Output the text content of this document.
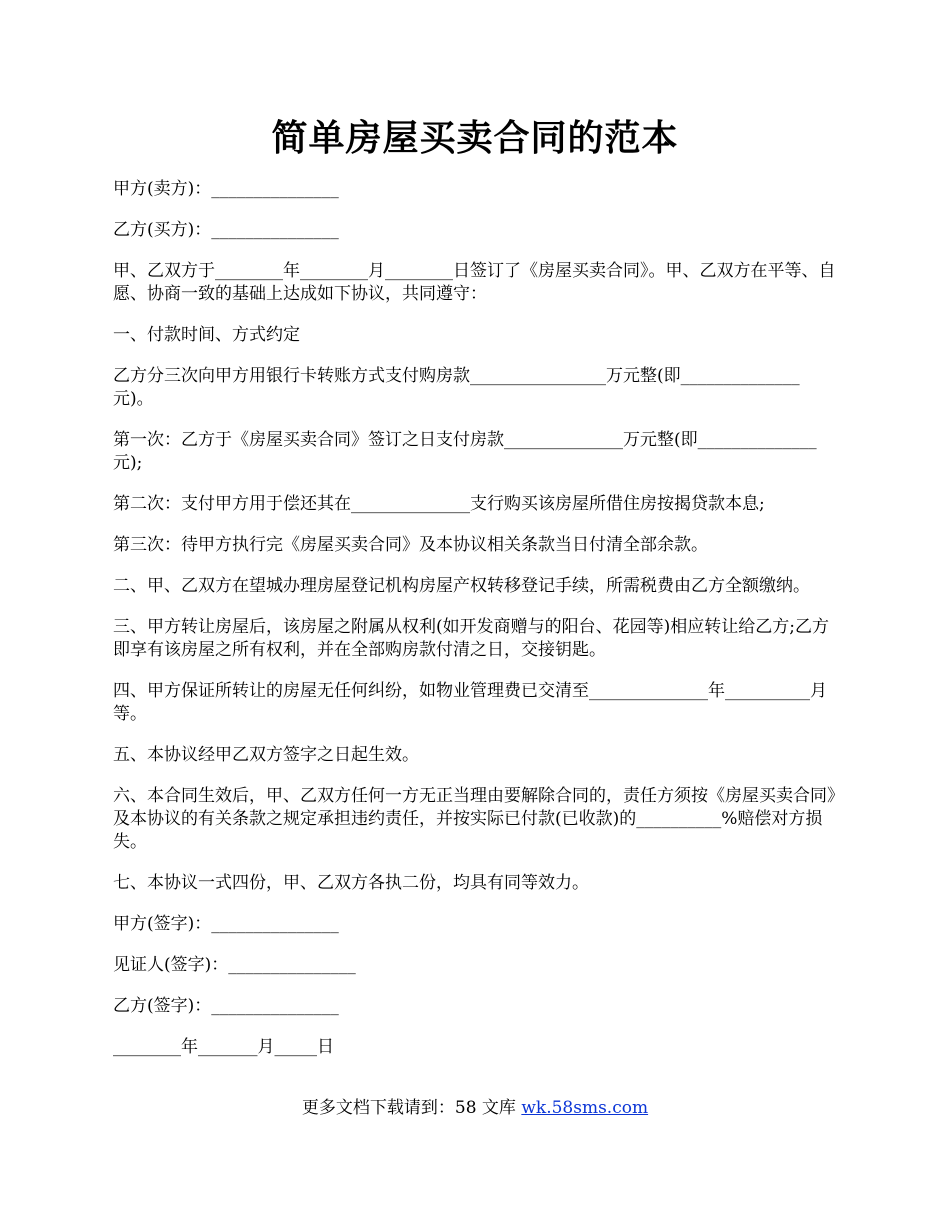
简单房屋买卖合同的范本

甲方(卖方)：_______________

乙方(买方)：_______________

甲、乙双方于________年________月________日签订了《房屋买卖合同》。甲、乙双方在平等、自愿、协商一致的基础上达成如下协议，共同遵守：

一、付款时间、方式约定

乙方分三次向甲方用银行卡转账方式支付购房款________________万元整(即______________元)。

第一次：乙方于《房屋买卖合同》签订之日支付房款______________万元整(即______________元);

第二次：支付甲方用于偿还其在______________支行购买该房屋所借住房按揭贷款本息;

第三次：待甲方执行完《房屋买卖合同》及本协议相关条款当日付清全部余款。

二、甲、乙双方在望城办理房屋登记机构房屋产权转移登记手续，所需税费由乙方全额缴纳。

三、甲方转让房屋后，该房屋之附属从权利(如开发商赠与的阳台、花园等)相应转让给乙方;乙方即享有该房屋之所有权利，并在全部购房款付清之日，交接钥匙。

四、甲方保证所转让的房屋无任何纠纷，如物业管理费已交清至______________年__________月等。

五、本协议经甲乙双方签字之日起生效。

六、本合同生效后，甲、乙双方任何一方无正当理由要解除合同的，责任方须按《房屋买卖合同》及本协议的有关条款之规定承担违约责任，并按实际已付款(已收款)的__________%赔偿对方损失。

七、本协议一式四份，甲、乙双方各执二份，均具有同等效力。

甲方(签字)：_______________

见证人(签字)：_______________

乙方(签字)：_______________

________年_______月_____日

更多文档下载请到：58 文库 wk.58sms.com
